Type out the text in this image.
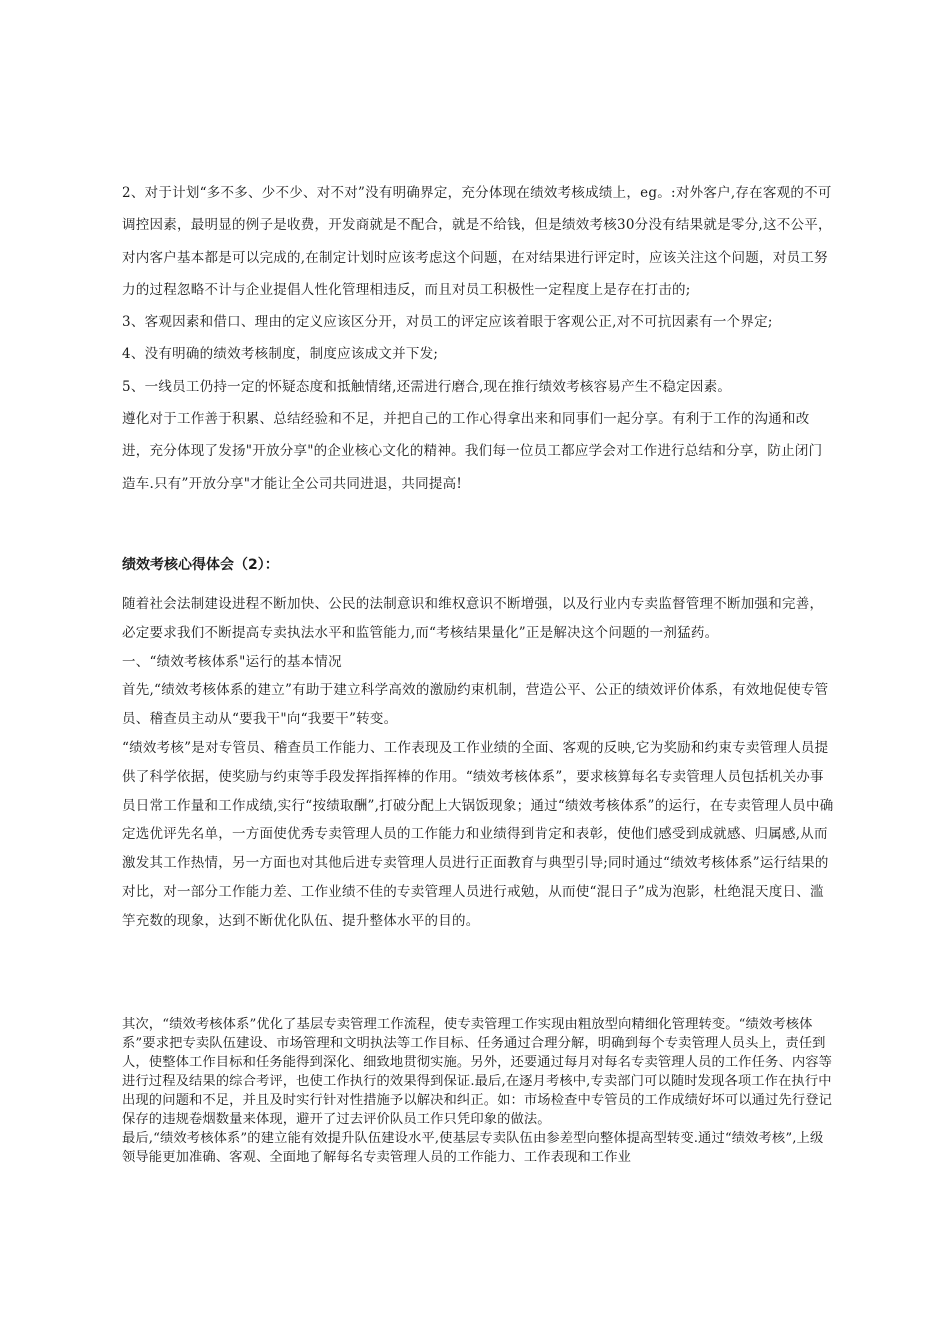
2、对于计划“多不多、少不少、对不对”没有明确界定，充分体现在绩效考核成绩上，eg。:对外客户,存在客观的不可调控因素，最明显的例子是收费，开发商就是不配合，就是不给钱，但是绩效考核30分没有结果就是零分,这不公平，对内客户基本都是可以完成的,在制定计划时应该考虑这个问题，在对结果进行评定时，应该关注这个问题，对员工努力的过程忽略不计与企业提倡人性化管理相违反，而且对员工积极性一定程度上是存在打击的;

3、客观因素和借口、理由的定义应该区分开，对员工的评定应该着眼于客观公正,对不可抗因素有一个界定;

4、没有明确的绩效考核制度，制度应该成文并下发;

5、一线员工仍持一定的怀疑态度和抵触情绪,还需进行磨合,现在推行绩效考核容易产生不稳定因素。

遵化对于工作善于积累、总结经验和不足，并把自己的工作心得拿出来和同事们一起分享。有利于工作的沟通和改进，充分体现了发扬"开放分享"的企业核心文化的精神。我们每一位员工都应学会对工作进行总结和分享，防止闭门造车.只有”开放分享"才能让全公司共同进退，共同提高!

绩效考核心得体会（2）：

随着社会法制建设进程不断加快、公民的法制意识和维权意识不断增强，以及行业内专卖监督管理不断加强和完善，必定要求我们不断提高专卖执法水平和监管能力,而“考核结果量化”正是解决这个问题的一剂猛药。

一、“绩效考核体系"运行的基本情况

首先,“绩效考核体系的建立”有助于建立科学高效的激励约束机制，营造公平、公正的绩效评价体系，有效地促使专管员、稽查员主动从“要我干"向“我要干”转变。

“绩效考核”是对专管员、稽查员工作能力、工作表现及工作业绩的全面、客观的反映,它为奖励和约束专卖管理人员提供了科学依据，使奖励与约束等手段发挥指挥棒的作用。“绩效考核体系”，要求核算每名专卖管理人员包括机关办事员日常工作量和工作成绩,实行“按绩取酬”,打破分配上大锅饭现象；通过“绩效考核体系”的运行，在专卖管理人员中确定选优评先名单，一方面使优秀专卖管理人员的工作能力和业绩得到肯定和表彰，使他们感受到成就感、归属感,从而激发其工作热情，另一方面也对其他后进专卖管理人员进行正面教育与典型引导;同时通过“绩效考核体系”运行结果的对比，对一部分工作能力差、工作业绩不佳的专卖管理人员进行戒勉，从而使“混日子”成为泡影，杜绝混天度日、滥竽充数的现象，达到不断优化队伍、提升整体水平的目的。

其次，“绩效考核体系”优化了基层专卖管理工作流程，使专卖管理工作实现由粗放型向精细化管理转变。“绩效考核体系”要求把专卖队伍建设、市场管理和文明执法等工作目标、任务通过合理分解，明确到每个专卖管理人员头上，责任到人，使整体工作目标和任务能得到深化、细致地贯彻实施。另外，还要通过每月对每名专卖管理人员的工作任务、内容等进行过程及结果的综合考评，也使工作执行的效果得到保证.最后,在逐月考核中,专卖部门可以随时发现各项工作在执行中出现的问题和不足，并且及时实行针对性措施予以解决和纠正。如：市场检查中专管员的工作成绩好坏可以通过先行登记保存的违规卷烟数量来体现，避开了过去评价队员工作只凭印象的做法。

最后,“绩效考核体系”的建立能有效提升队伍建设水平,使基层专卖队伍由参差型向整体提高型转变.通过“绩效考核”,上级领导能更加准确、客观、全面地了解每名专卖管理人员的工作能力、工作表现和工作业
